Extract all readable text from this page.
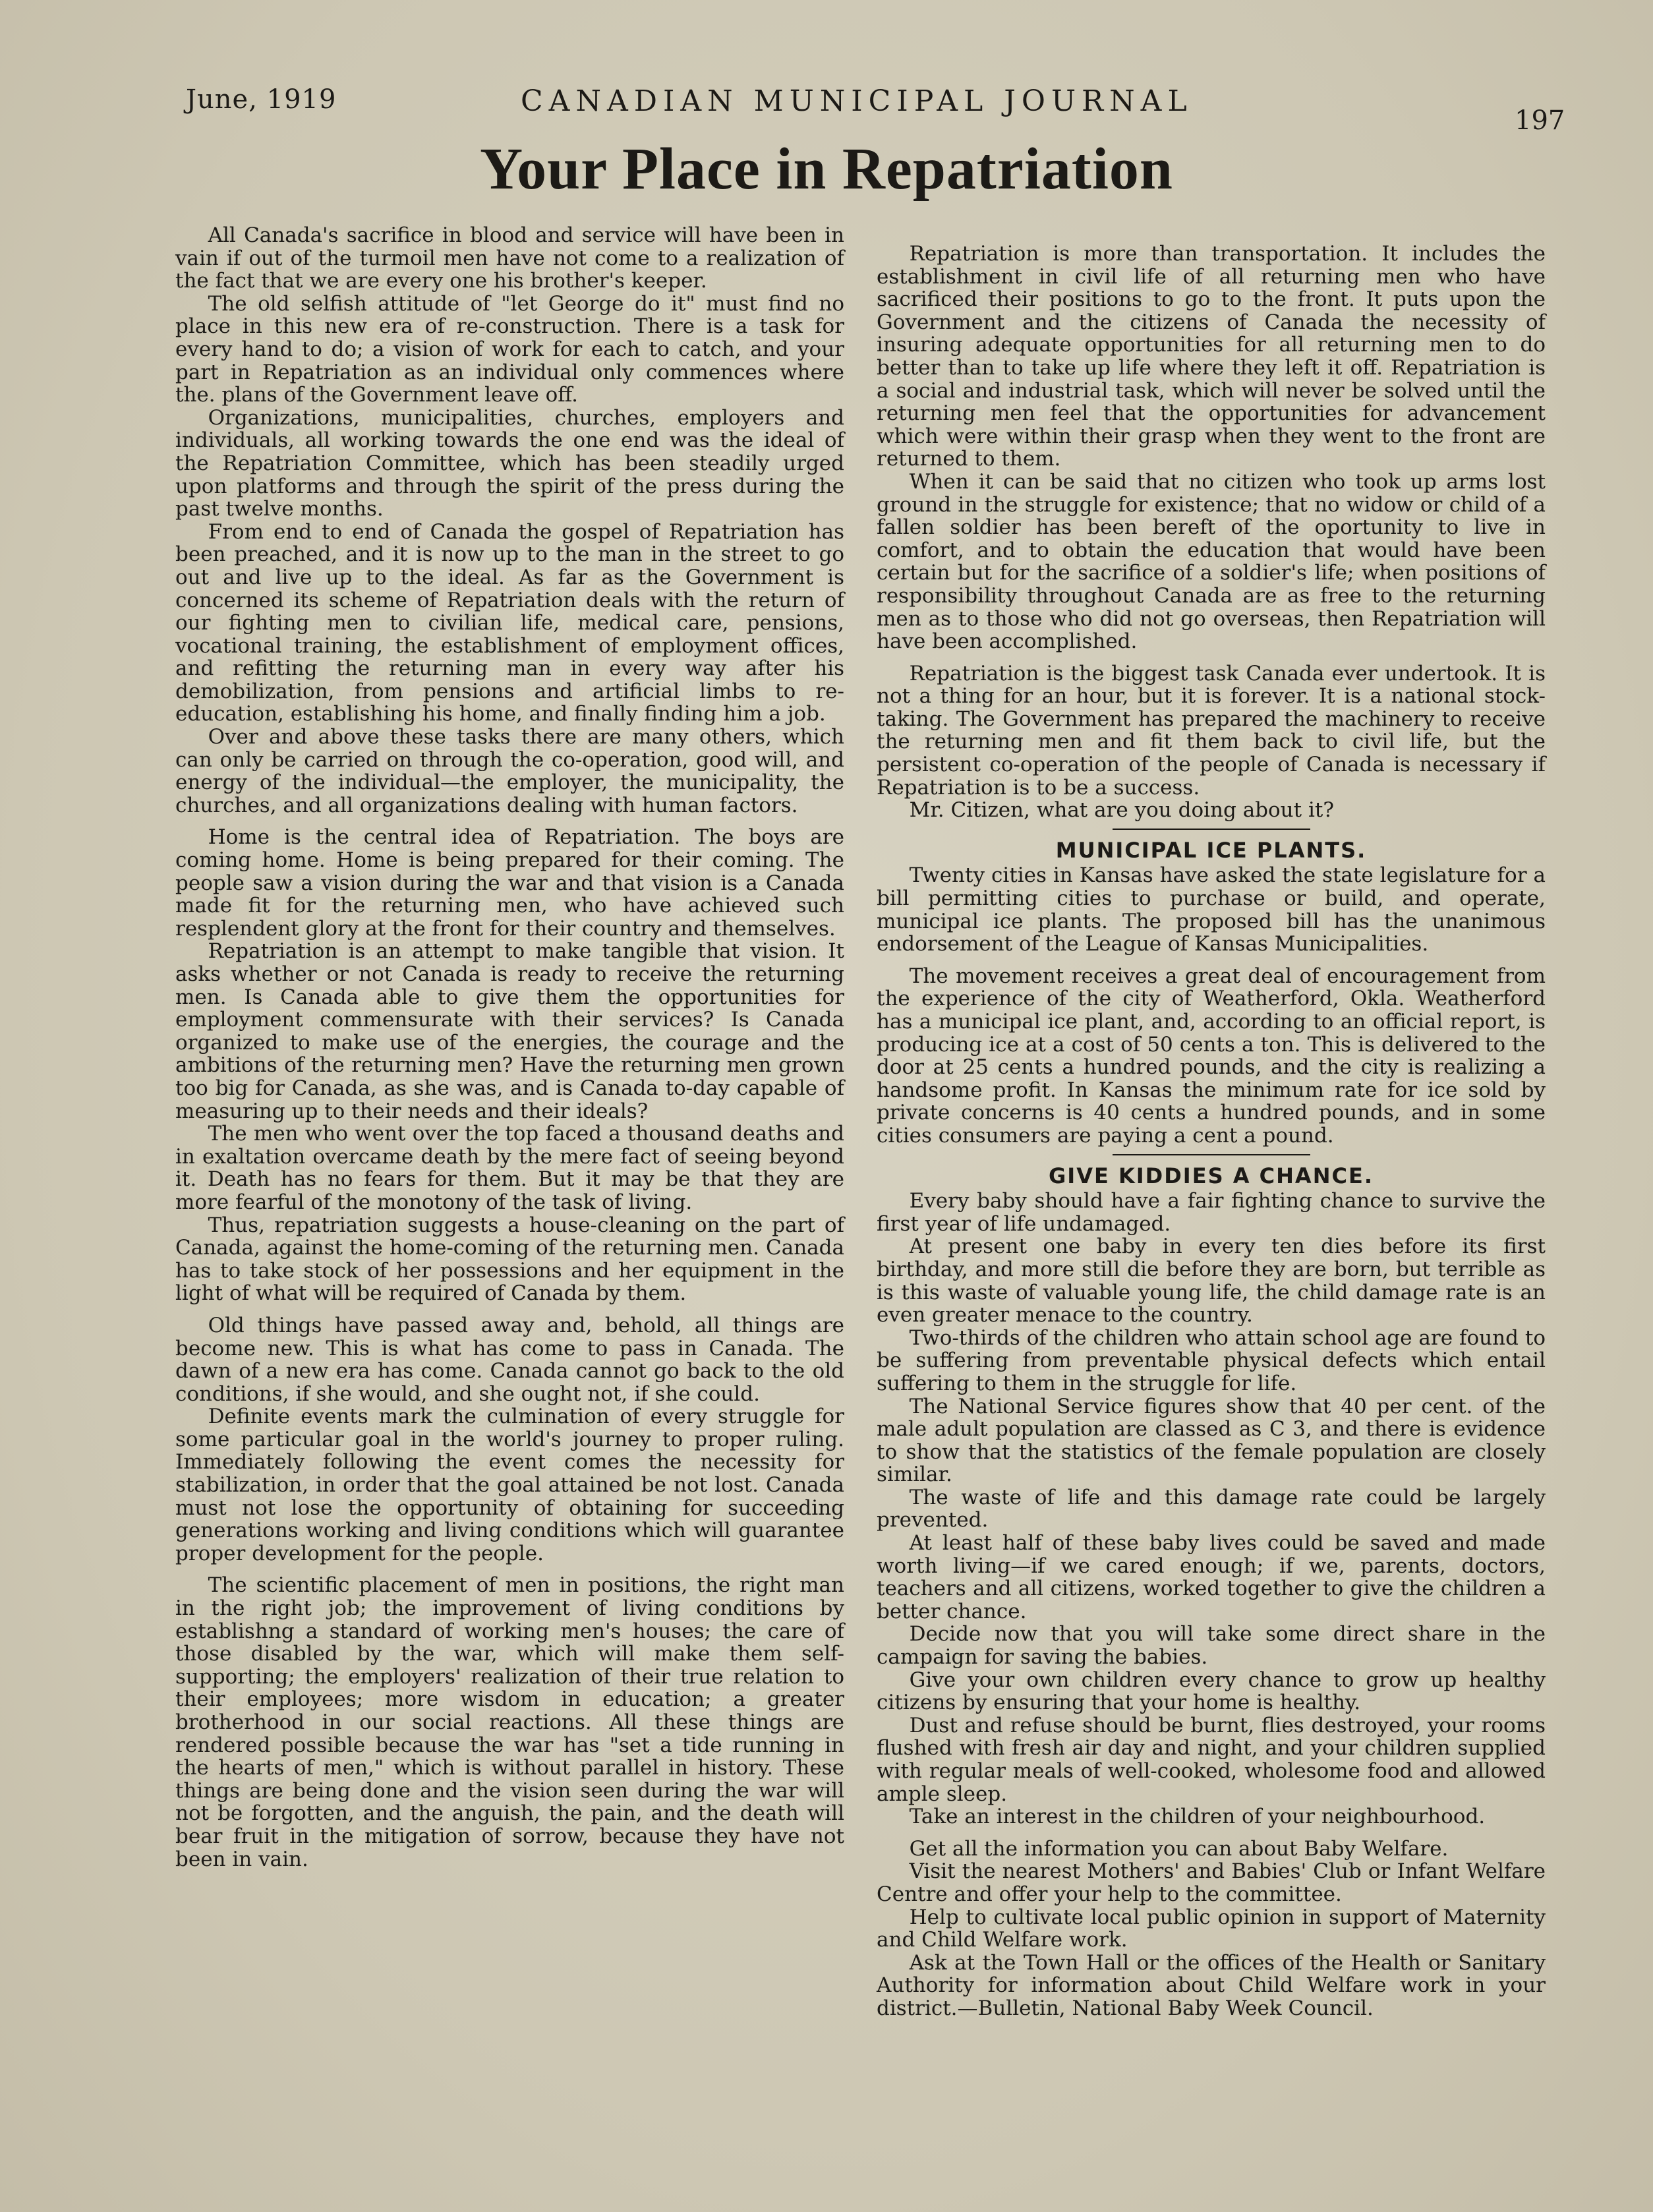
June, 1919	CANADIAN MUNICIPAL JOURNAL
197
Your Place in Repatriation

All Canada's sacrifice in blood and service will have been in vain if out of the turmoil men have not come to a realization of the fact that we are every one his brother's keeper.

The old selfish attitude of "let George do it" must find no place in this new era of re-construction. There is a task for every hand to do; a vision of work for each to catch, and your part in Repatriation as an individual only commences where the. plans of the Government leave off.

Organizations, municipalities, churches, employers and individuals, all working towards the one end was the ideal of the Repatriation Committee, which has been steadily urged upon platforms and through the spirit of the press during the past twelve months.

From end to end of Canada the gospel of Repatriation has been preached, and it is now up to the man in the street to go out and live up to the ideal. As far as the Government is concerned its scheme of Repatriation deals with the return of our fighting men to civilian life, medical care, pensions, vocational training, the establishment of employment offices, and refitting the returning man in every way after his demobilization, from pensions and artificial limbs to re-education, establishing his home, and finally finding him a job.

Over and above these tasks there are many others, which can only be carried on through the co-operation, good will, and energy of the individual—the employer, the municipality, the churches, and all organizations dealing with human factors.

Home is the central idea of Repatriation. The boys are coming home. Home is being prepared for their coming. The people saw a vision during the war and that vision is a Canada made fit for the returning men, who have achieved such resplendent glory at the front for their country and themselves.

Repatriation is an attempt to make tangible that vision. It asks whether or not Canada is ready to receive the returning men. Is Canada able to give them the opportunities for employment commensurate with their services? Is Canada organized to make use of the energies, the courage and the ambitions of the returning men? Have the returning men grown too big for Canada, as she was, and is Canada to-day capable of measuring up to their needs and their ideals?

The men who went over the top faced a thousand deaths and in exaltation overcame death by the mere fact of seeing beyond it. Death has no fears for them. But it may be that they are more fearful of the monotony of the task of living.

Thus, repatriation suggests a house-cleaning on the part of Canada, against the home-coming of the returning men. Canada has to take stock of her possessions and her equipment in the light of what will be required of Canada by them.

Old things have passed away and, behold, all things are become new. This is what has come to pass in Canada. The dawn of a new era has come. Canada cannot go back to the old conditions, if she would, and she ought not, if she could.

Definite events mark the culmination of every struggle for some particular goal in the world's journey to proper ruling. Immediately following the event comes the necessity for stabilization, in order that the goal attained be not lost. Canada must not lose the opportunity of obtaining for succeeding generations working and living conditions which will guarantee proper development for the people.

The scientific placement of men in positions, the right man in the right job; the improvement of living conditions by establishng a standard of working men's houses; the care of those disabled by the war, which will make them self-supporting; the employers' realization of their true relation to their employees; more wisdom in education; a greater brotherhood in our social reactions. All these things are rendered possible because the war has "set a tide running in the hearts of men," which is without parallel in history. These things are being done and the vision seen during the war will not be forgotten, and the anguish, the pain, and the death will bear fruit in the mitigation of sorrow, because they have not been in vain.

Repatriation is more than transportation. It includes the establishment in civil life of all returning men who have sacrificed their positions to go to the front. It puts upon the Government and the citizens of Canada the necessity of insuring adequate opportunities for all returning men to do better than to take up life where they left it off. Repatriation is a social and industrial task, which will never be solved until the returning men feel that the opportunities for advancement which were within their grasp when they went to the front are returned to them.

When it can be said that no citizen who took up arms lost ground in the struggle for existence; that no widow or child of a fallen soldier has been bereft of the oportunity to live in comfort, and to obtain the education that would have been certain but for the sacrifice of a soldier's life; when positions of responsibility throughout Canada are as free to the returning men as to those who did not go overseas, then Repatriation will have been accomplished.

Repatriation is the biggest task Canada ever undertook. It is not a thing for an hour, but it is forever. It is a national stock-taking. The Government has prepared the machinery to receive the returning men and fit them back to civil life, but the persistent co-operation of the people of Canada is necessary if Repatriation is to be a success.

Mr. Citizen, what are you doing about it?

MUNICIPAL ICE PLANTS.

Twenty cities in Kansas have asked the state legislature for a bill permitting cities to purchase or build, and operate, municipal ice plants. The proposed bill has the unanimous endorsement of the League of Kansas Municipalities.

The movement receives a great deal of encouragement from the experience of the city of Weatherford, Okla. Weatherford has a municipal ice plant, and, according to an official report, is producing ice at a cost of 50 cents a ton. This is delivered to the door at 25 cents a hundred pounds, and the city is realizing a handsome profit. In Kansas the minimum rate for ice sold by private concerns is 40 cents a hundred pounds, and in some cities consumers are paying a cent a pound.

GIVE KIDDIES A CHANCE.

Every baby should have a fair fighting chance to survive the first year of life undamaged.

At present one baby in every ten dies before its first birthday, and more still die before they are born, but terrible as is this waste of valuable young life, the child damage rate is an even greater menace to the country.

Two-thirds of the children who attain school age are found to be suffering from preventable physical defects which entail suffering to them in the struggle for life.

The National Service figures show that 40 per cent. of the male adult population are classed as C 3, and there is evidence to show that the statistics of the female population are closely similar.

The waste of life and this damage rate could be largely prevented.

At least half of these baby lives could be saved and made worth living—if we cared enough; if we, parents, doctors, teachers and all citizens, worked together to give the children a better chance.

Decide now that you will take some direct share in the campaign for saving the babies.

Give your own children every chance to grow up healthy citizens by ensuring that your home is healthy.

Dust and refuse should be burnt, flies destroyed, your rooms flushed with fresh air day and night, and your children supplied with regular meals of well-cooked, wholesome food and allowed ample sleep.

Take an interest in the children of your neighbourhood.

Get all the information you can about Baby Welfare.

Visit the nearest Mothers' and Babies' Club or Infant Welfare Centre and offer your help to the committee.

Help to cultivate local public opinion in support of Maternity and Child Welfare work.

Ask at the Town Hall or the offices of the Health or Sanitary Authority for information about Child Welfare work in your district.—Bulletin, National Baby Week Council.
